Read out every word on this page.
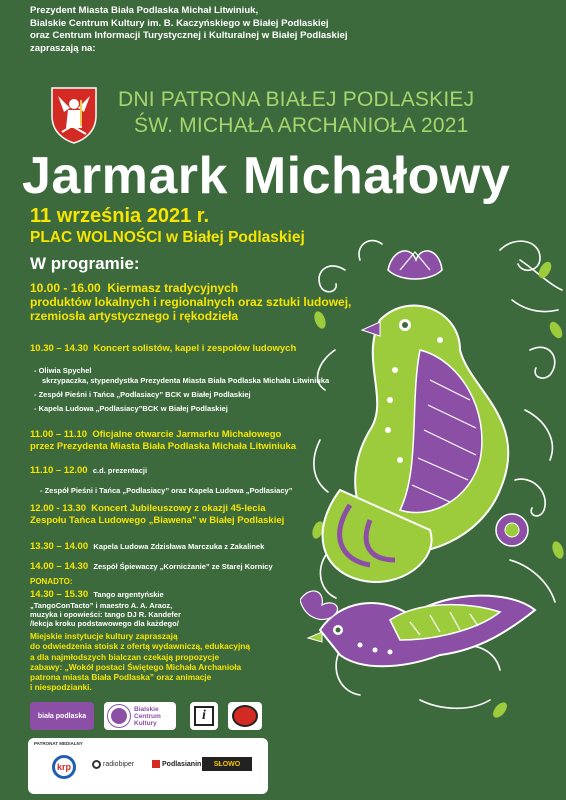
Prezydent Miasta Biała Podlaska Michał Litwiniuk,
Bialskie Centrum Kultury im. B. Kaczyńskiego w Białej Podlaskiej
oraz Centrum Informacji Turystycznej i Kulturalnej w Białej Podlaskiej
zapraszają na:
DNI PATRONA BIAŁEJ PODLASKIEJ
ŚW. MICHAŁA ARCHANIOŁA 2021
Jarmark Michałowy
11 września 2021 r.
PLAC WOLNOŚCI w Białej Podlaskiej
W programie:
10.00 - 16.00 Kiermasz tradycyjnych
produktów lokalnych i regionalnych oraz sztuki ludowej,
rzemiosła artystycznego i rękodzieła
10.30 – 14.30 Koncert solistów, kapel i zespołów ludowych
- Oliwia Spychel
skrzypaczka, stypendystka Prezydenta Miasta Biała Podlaska Michała Litwiniuka
- Zespół Pieśni i Tańca „Podlasiacy” BCK w Białej Podlaskiej
- Kapela Ludowa „Podlasiacy”BCK w Białej Podlaskiej
11.00 – 11.10 Oficjalne otwarcie Jarmarku Michałowego
przez Prezydenta Miasta Biała Podlaska Michała Litwiniuka
11.10 – 12.00 c.d. prezentacji
- Zespół Pieśni i Tańca „Podlasiacy” oraz Kapela Ludowa „Podlasiacy”
12.00 - 13.30 Koncert Jubileuszowy z okazji 45-lecia
Zespołu Tańca Ludowego „Biawena” w Białej Podlaskiej
13.30 – 14.00 Kapela Ludowa Zdzisława Marczuka z Zakalinek
14.00 – 14.30 Zespół Śpiewaczy „Kornicżanie” ze Starej Kornicy
PONADTO:
14.30 – 15.30 Tango argentyńskie
„TangoConTacto” i maestro A. A. Araoz,
muzyka i opowieści: tango DJ R. Kandefer
/lekcja kroku podstawowego dla każdego/
Miejskie instytucje kultury zapraszają
do odwiedzenia stoisk z ofertą wydawniczą, edukacyjną
a dla najmłodszych bialczan czekają propozycje
zabawy: „Wokół postaci Świętego Michała Archanioła
patrona miasta Biała Podlaska” oraz animacje
i niespodzianki.
biała podlaska
Bialskie
Centrum
Kultury	i
PATRONAT MEDIALNY
krp	radiobiper	Podlasianin SŁOWO
